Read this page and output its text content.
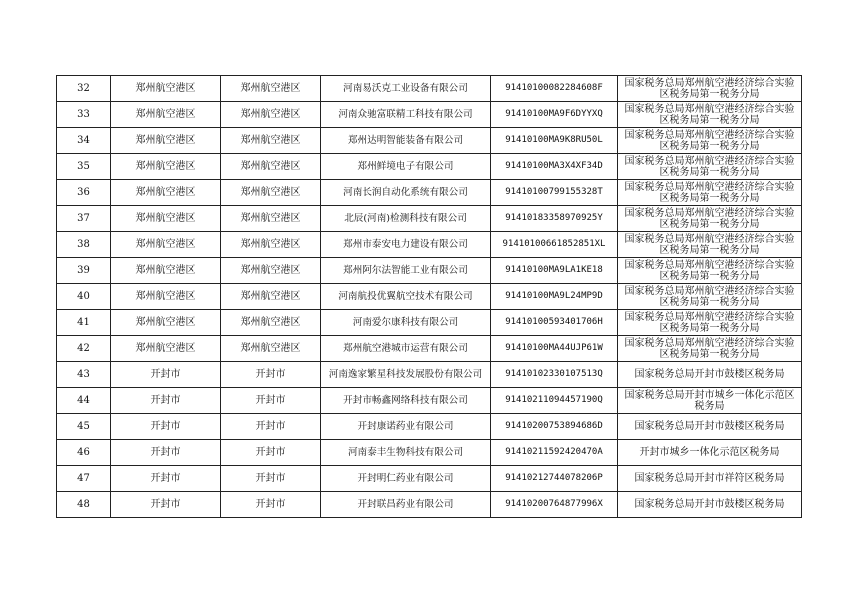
32	郑州航空港区	郑州航空港区	河南易沃克工业设备有限公司	91410100082284608F	国家税务总局郑州航空港经济综合实验区税务局第一税务分局
33	郑州航空港区	郑州航空港区	河南众驰富联精工科技有限公司	91410100MA9F6DYYXQ	国家税务总局郑州航空港经济综合实验区税务局第一税务分局
34	郑州航空港区	郑州航空港区	郑州达明智能装备有限公司	91410100MA9K8RU50L	国家税务总局郑州航空港经济综合实验区税务局第一税务分局
35	郑州航空港区	郑州航空港区	郑州鲜境电子有限公司	91410100MA3X4XF34D	国家税务总局郑州航空港经济综合实验区税务局第一税务分局
36	郑州航空港区	郑州航空港区	河南长润自动化系统有限公司	91410100799155328T	国家税务总局郑州航空港经济综合实验区税务局第一税务分局
37	郑州航空港区	郑州航空港区	北辰(河南)检测科技有限公司	91410183358970925Y	国家税务总局郑州航空港经济综合实验区税务局第一税务分局
38	郑州航空港区	郑州航空港区	郑州市泰安电力建设有限公司	91410100661852851XL	国家税务总局郑州航空港经济综合实验区税务局第一税务分局
39	郑州航空港区	郑州航空港区	郑州阿尔法智能工业有限公司	91410100MA9LA1KE18	国家税务总局郑州航空港经济综合实验区税务局第一税务分局
40	郑州航空港区	郑州航空港区	河南航投优翼航空技术有限公司	91410100MA9L24MP9D	国家税务总局郑州航空港经济综合实验区税务局第一税务分局
41	郑州航空港区	郑州航空港区	河南爱尔康科技有限公司	91410100593401706H	国家税务总局郑州航空港经济综合实验区税务局第一税务分局
42	郑州航空港区	郑州航空港区	郑州航空港城市运营有限公司	91410100MA44UJP61W	国家税务总局郑州航空港经济综合实验区税务局第一税务分局
43	开封市	开封市	河南逸家繁星科技发展股份有限公司	91410102330107513Q	国家税务总局开封市鼓楼区税务局
44	开封市	开封市	开封市畅鑫网络科技有限公司	91410211094457190Q	国家税务总局开封市城乡一体化示范区税务局
45	开封市	开封市	开封康诺药业有限公司	91410200753894686D	国家税务总局开封市鼓楼区税务局
46	开封市	开封市	河南泰丰生物科技有限公司	91410211592420470A	开封市城乡一体化示范区税务局
47	开封市	开封市	开封明仁药业有限公司	91410212744078206P	国家税务总局开封市祥符区税务局
48	开封市	开封市	开封联昌药业有限公司	91410200764877996X	国家税务总局开封市鼓楼区税务局
